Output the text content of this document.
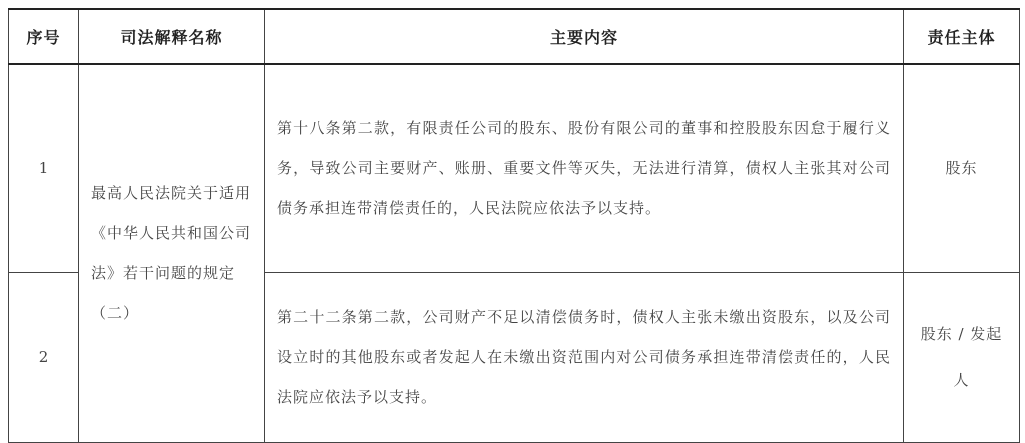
序号	司法解释名称	主要内容	责任主体
1	最高人民法院关于适用《中华人民共和国公司法》若干问题的规定（二）	第十八条第二款，有限责任公司的股东、股份有限公司的董事和控股股东因怠于履行义务，导致公司主要财产、账册、重要文件等灭失，无法进行清算，债权人主张其对公司债务承担连带清偿责任的，人民法院应依法予以支持。	股东
2		第二十二条第二款，公司财产不足以清偿债务时，债权人主张未缴出资股东，以及公司设立时的其他股东或者发起人在未缴出资范围内对公司债务承担连带清偿责任的，人民法院应依法予以支持。	股东 / 发起人
